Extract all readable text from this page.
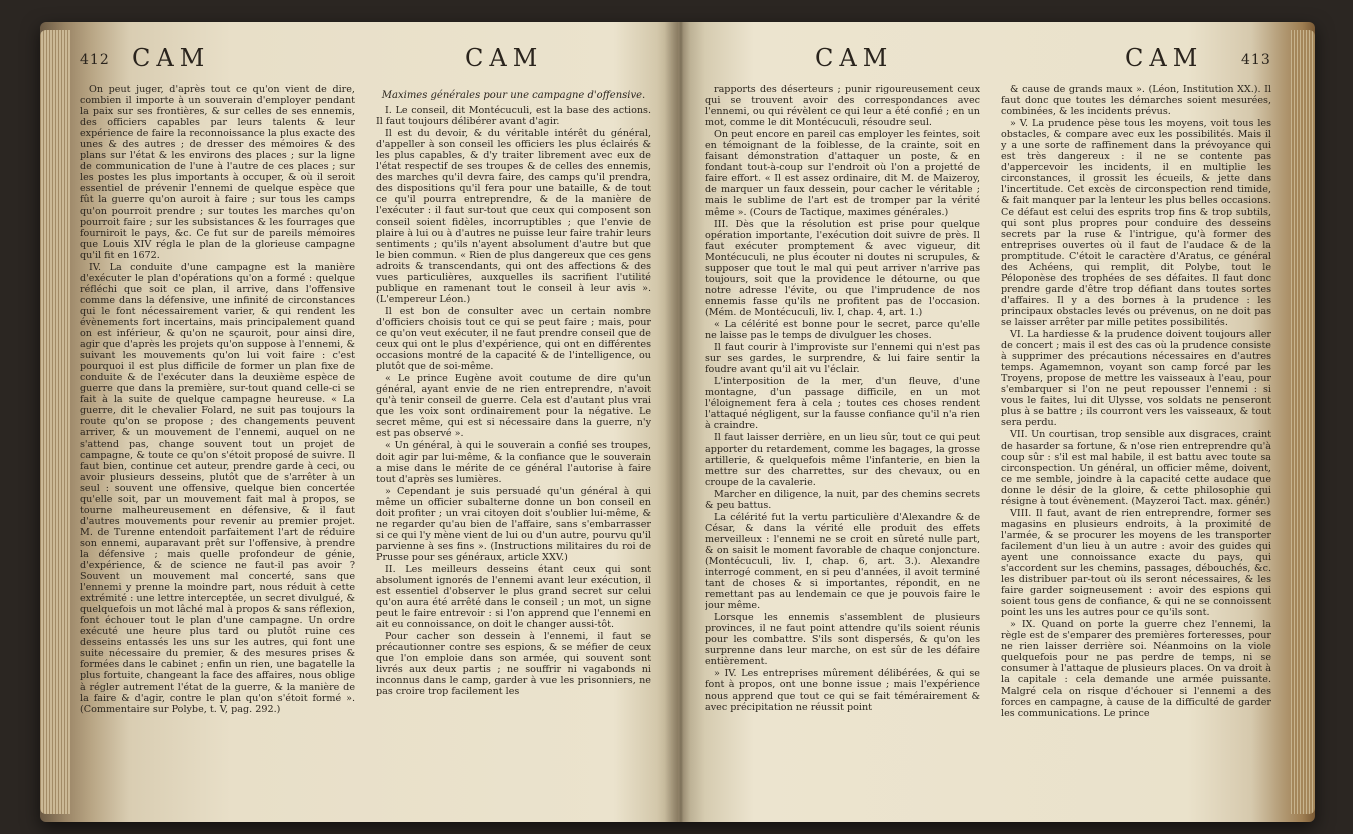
412 CAM	CAM

On peut juger, d'après tout ce qu'on vient de dire, combien il importe à un souverain d'employer pendant la paix sur ses frontières, & sur celles de ses ennemis, des officiers capables par leurs talents & leur expérience de faire la reconnoissance la plus exacte des unes & des autres ; de dresser des mémoires & des plans sur l'état & les environs des places ; sur la ligne de communication de l'une à l'autre de ces places ; sur les postes les plus importants à occuper, & où il seroit essentiel de prévenir l'ennemi de quelque espèce que fût la guerre qu'on auroit à faire ; sur tous les camps qu'on pourroit prendre ; sur toutes les marches qu'on pourroit faire ; sur les subsistances & les fourrages que fourniroit le pays, &c. Ce fut sur de pareils mémoires que Louis XIV régla le plan de la glorieuse campagne qu'il fit en 1672.

IV. La conduite d'une campagne est la manière d'exécuter le plan d'opérations qu'on a formé : quelque réfléchi que soit ce plan, il arrive, dans l'offensive comme dans la défensive, une infinité de circonstances qui le font nécessairement varier, & qui rendent les évènements fort incertains, mais principalement quand on est inférieur, & qu'on ne sçauroit, pour ainsi dire, agir que d'après les projets qu'on suppose à l'ennemi, & suivant les mouvements qu'on lui voit faire : c'est pourquoi il est plus difficile de former un plan fixe de conduite & de l'exécuter dans la deuxième espèce de guerre que dans la première, sur-tout quand celle-ci se fait à la suite de quelque campagne heureuse. « La guerre, dit le chevalier Folard, ne suit pas toujours la route qu'on se propose ; des changements peuvent arriver, & un mouvement de l'ennemi, auquel on ne s'attend pas, change souvent tout un projet de campagne, & toute ce qu'on s'étoit proposé de suivre. Il faut bien, continue cet auteur, prendre garde à ceci, ou avoir plusieurs desseins, plutôt que de s'arrêter à un seul : souvent une offensive, quelque bien concertée qu'elle soit, par un mouvement fait mal à propos, se tourne malheureusement en défensive, & il faut d'autres mouvements pour revenir au premier projet. M. de Turenne entendoit parfaitement l'art de réduire son ennemi, auparavant prêt sur l'offensive, à prendre la défensive ; mais quelle profondeur de génie, d'expérience, & de science ne faut-il pas avoir ? Souvent un mouvement mal concerté, sans que l'ennemi y prenne la moindre part, nous réduit à cette extrémité : une lettre interceptée, un secret divulgué, & quelquefois un mot lâché mal à propos & sans réflexion, font échouer tout le plan d'une campagne. Un ordre exécuté une heure plus tard ou plutôt ruine ces desseins entassés les uns sur les autres, qui font une suite nécessaire du premier, & des mesures prises & formées dans le cabinet ; enfin un rien, une bagatelle la plus fortuite, changeant la face des affaires, nous oblige à régler autrement l'état de la guerre, & la manière de la faire & d'agir, contre le plan qu'on s'étoit formé ». (Commentaire sur Polybe, t. V, pag. 292.)

Maximes générales pour une campagne d'offensive.

I. Le conseil, dit Montécuculi, est la base des actions. Il faut toujours délibérer avant d'agir.

Il est du devoir, & du véritable intérêt du général, d'appeller à son conseil les officiers les plus éclairés & les plus capables, & d'y traiter librement avec eux de l'état respectif de ses troupes & de celles des ennemis, des marches qu'il devra faire, des camps qu'il prendra, des dispositions qu'il fera pour une bataille, & de tout ce qu'il pourra entreprendre, & de la manière de l'exécuter : il faut sur-tout que ceux qui composent son conseil soient fidèles, incorruptibles ; que l'envie de plaire à lui ou à d'autres ne puisse leur faire trahir leurs sentiments ; qu'ils n'ayent absolument d'autre but que le bien commun. « Rien de plus dangereux que ces gens adroits & transcendants, qui ont des affections & des vues particulières, auxquelles ils sacrifient l'utilité publique en ramenant tout le conseil à leur avis ». (L'empereur Léon.)

Il est bon de consulter avec un certain nombre d'officiers choisis tout ce qui se peut faire ; mais, pour ce qu'on veut exécuter, il ne faut prendre conseil que de ceux qui ont le plus d'expérience, qui ont en différentes occasions montré de la capacité & de l'intelligence, ou plutôt que de soi-même.

« Le prince Eugène avoit coutume de dire qu'un général, ayant envie de ne rien entreprendre, n'avoit qu'à tenir conseil de guerre. Cela est d'autant plus vrai que les voix sont ordinairement pour la négative. Le secret même, qui est si nécessaire dans la guerre, n'y est pas observé ».

« Un général, à qui le souverain a confié ses troupes, doit agir par lui-même, & la confiance que le souverain a mise dans le mérite de ce général l'autorise à faire tout d'après ses lumières.

» Cependant je suis persuadé qu'un général à qui même un officier subalterne donne un bon conseil en doit profiter ; un vrai citoyen doit s'oublier lui-même, & ne regarder qu'au bien de l'affaire, sans s'embarrasser si ce qui l'y mène vient de lui ou d'un autre, pourvu qu'il parvienne à ses fins ». (Instructions militaires du roi de Prusse pour ses généraux, article XXV.)

II. Les meilleurs desseins étant ceux qui sont absolument ignorés de l'ennemi avant leur exécution, il est essentiel d'observer le plus grand secret sur celui qu'on aura été arrêté dans le conseil ; un mot, un signe peut le faire entrevoir : si l'on apprend que l'ennemi en ait eu connoissance, on doit le changer aussi-tôt.

Pour cacher son dessein à l'ennemi, il faut se précautionner contre ses espions, & se méfier de ceux que l'on emploie dans son armée, qui souvent sont livrés aux deux partis ; ne souffrir ni vagabonds ni inconnus dans le camp, garder à vue les prisonniers, ne pas croire trop facilement les

CAM	CAM	413

rapports des déserteurs ; punir rigoureusement ceux qui se trouvent avoir des correspondances avec l'ennemi, ou qui révèlent ce qui leur a été confié ; en un mot, comme le dit Montécuculi, résoudre seul.

On peut encore en pareil cas employer les feintes, soit en témoignant de la foiblesse, de la crainte, soit en faisant démonstration d'attaquer un poste, & en fondant tout-à-coup sur l'endroit où l'on a projetté de faire effort. « Il est assez ordinaire, dit M. de Maizeroy, de marquer un faux dessein, pour cacher le véritable ; mais le sublime de l'art est de tromper par la vérité même ». (Cours de Tactique, maximes générales.)

III. Dès que la résolution est prise pour quelque opération importante, l'exécution doit suivre de près. Il faut exécuter promptement & avec vigueur, dit Montécuculi, ne plus écouter ni doutes ni scrupules, & supposer que tout le mal qui peut arriver n'arrive pas toujours, soit que la providence le détourne, ou que notre adresse l'évite, ou que l'imprudence de nos ennemis fasse qu'ils ne profitent pas de l'occasion. (Mém. de Montécuculi, liv. I, chap. 4, art. 1.)

« La célérité est bonne pour le secret, parce qu'elle ne laisse pas le temps de divulguer les choses.

Il faut courir à l'improviste sur l'ennemi qui n'est pas sur ses gardes, le surprendre, & lui faire sentir la foudre avant qu'il ait vu l'éclair.

L'interposition de la mer, d'un fleuve, d'une montagne, d'un passage difficile, en un mot l'éloignement fera à cela ; toutes ces choses rendent l'attaqué négligent, sur la fausse confiance qu'il n'a rien à craindre.

Il faut laisser derrière, en un lieu sûr, tout ce qui peut apporter du retardement, comme les bagages, la grosse artillerie, & quelquefois même l'infanterie, en bien la mettre sur des charrettes, sur des chevaux, ou en croupe de la cavalerie.

Marcher en diligence, la nuit, par des chemins secrets & peu battus.

La célérité fut la vertu particulière d'Alexandre & de César, & dans la vérité elle produit des effets merveilleux : l'ennemi ne se croit en sûreté nulle part, & on saisit le moment favorable de chaque conjoncture. (Montécuculi, liv. I, chap. 6, art. 3.). Alexandre interrogé comment, en si peu d'années, il avoit terminé tant de choses & si importantes, répondit, en ne remettant pas au lendemain ce que je pouvois faire le jour même.

Lorsque les ennemis s'assemblent de plusieurs provinces, il ne faut point attendre qu'ils soient réunis pour les combattre. S'ils sont dispersés, & qu'on les surprenne dans leur marche, on est sûr de les défaire entièrement.

» IV. Les entreprises mûrement délibérées, & qui se font à propos, ont une bonne issue ; mais l'expérience nous apprend que tout ce qui se fait témérairement & avec précipitation ne réussit point

& cause de grands maux ». (Léon, Institution XX.). Il faut donc que toutes les démarches soient mesurées, combinées, & les incidents prévus.

» V. La prudence pèse tous les moyens, voit tous les obstacles, & compare avec eux les possibilités. Mais il y a une sorte de raffinement dans la prévoyance qui est très dangereux : il ne se contente pas d'appercevoir les incidents, il en multiplie les circonstances, il grossit les écueils, & jette dans l'incertitude. Cet excès de circonspection rend timide, & fait manquer par la lenteur les plus belles occasions. Ce défaut est celui des esprits trop fins & trop subtils, qui sont plus propres pour conduire des desseins secrets par la ruse & l'intrigue, qu'à former des entreprises ouvertes où il faut de l'audace & de la promptitude. C'étoit le caractère d'Aratus, ce général des Achéens, qui remplit, dit Polybe, tout le Péloponèse des trophées de ses défaites. Il faut donc prendre garde d'être trop défiant dans toutes sortes d'affaires. Il y a des bornes à la prudence : les principaux obstacles levés ou prévenus, on ne doit pas se laisser arrêter par mille petites possibilités.

VI. La hardiesse & la prudence doivent toujours aller de concert ; mais il est des cas où la prudence consiste à supprimer des précautions nécessaires en d'autres temps. Agamemnon, voyant son camp forcé par les Troyens, propose de mettre les vaisseaux à l'eau, pour s'embarquer si l'on ne peut repousser l'ennemi : si vous le faites, lui dit Ulysse, vos soldats ne penseront plus à se battre ; ils courront vers les vaisseaux, & tout sera perdu.

VII. Un courtisan, trop sensible aux disgraces, craint de hasarder sa fortune, & n'ose rien entreprendre qu'à coup sûr : s'il est mal habile, il est battu avec toute sa circonspection. Un général, un officier même, doivent, ce me semble, joindre à la capacité cette audace que donne le désir de la gloire, & cette philosophie qui résigne à tout évènement. (Mayzeroi Tact. max. génér.)

VIII. Il faut, avant de rien entreprendre, former ses magasins en plusieurs endroits, à la proximité de l'armée, & se procurer les moyens de les transporter facilement d'un lieu à un autre : avoir des guides qui ayent une connoissance exacte du pays, qui s'accordent sur les chemins, passages, débouchés, &c. les distribuer par-tout où ils seront nécessaires, & les faire garder soigneusement : avoir des espions qui soient tous gens de confiance, & qui ne se connoissent point les uns les autres pour ce qu'ils sont.

» IX. Quand on porte la guerre chez l'ennemi, la règle est de s'emparer des premières forteresses, pour ne rien laisser derrière soi. Néanmoins on la viole quelquefois pour ne pas perdre de temps, ni se consumer à l'attaque de plusieurs places. On va droit à la capitale : cela demande une armée puissante. Malgré cela on risque d'échouer si l'ennemi a des forces en campagne, à cause de la difficulté de garder les communications. Le prince
